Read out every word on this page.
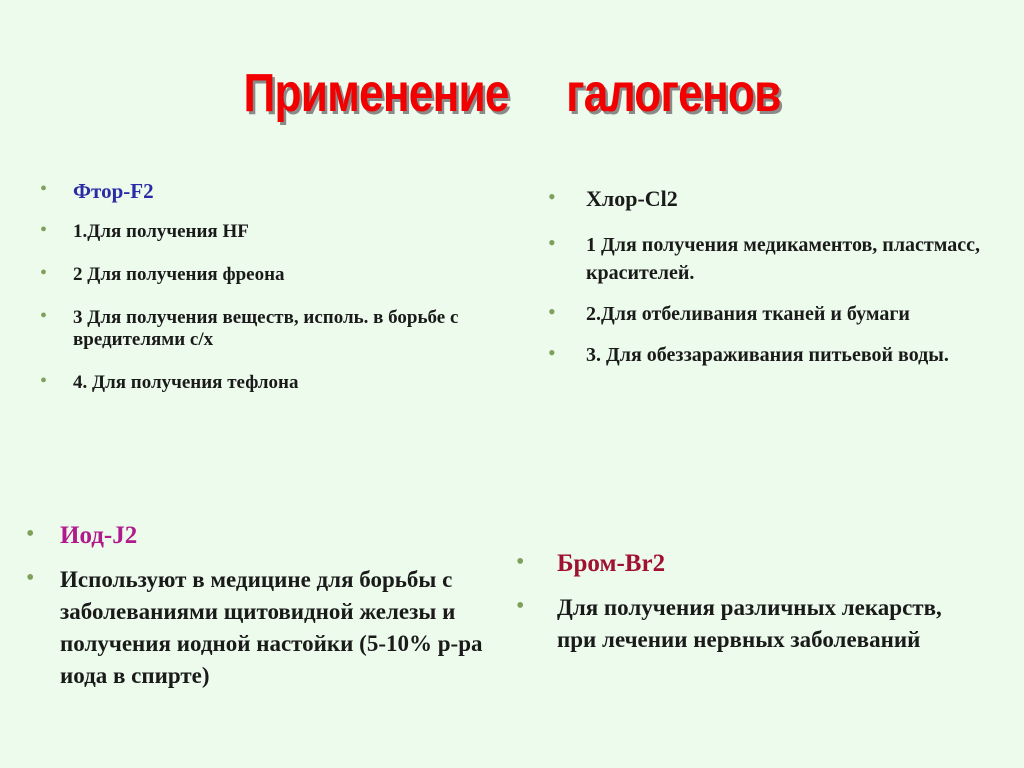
Применение     галогенов
• Фтор-F2
• 1.Для получения HF
• 2 Для получения фреона
• 3 Для получения веществ, исполь. в борьбе с вредителями с/х
• 4. Для получения тефлона
• Хлор-Cl2
• 1 Для получения медикаментов, пластмасс, красителей.
• 2.Для отбеливания тканей и бумаги
• 3. Для обеззараживания питьевой воды.
• Иод-J2
• Используют в медицине для борьбы с заболеваниями щитовидной железы и получения иодной настойки (5-10% р-ра иода в спирте)
• Бром-Br2
• Для получения различных лекарств, при лечении нервных заболеваний
